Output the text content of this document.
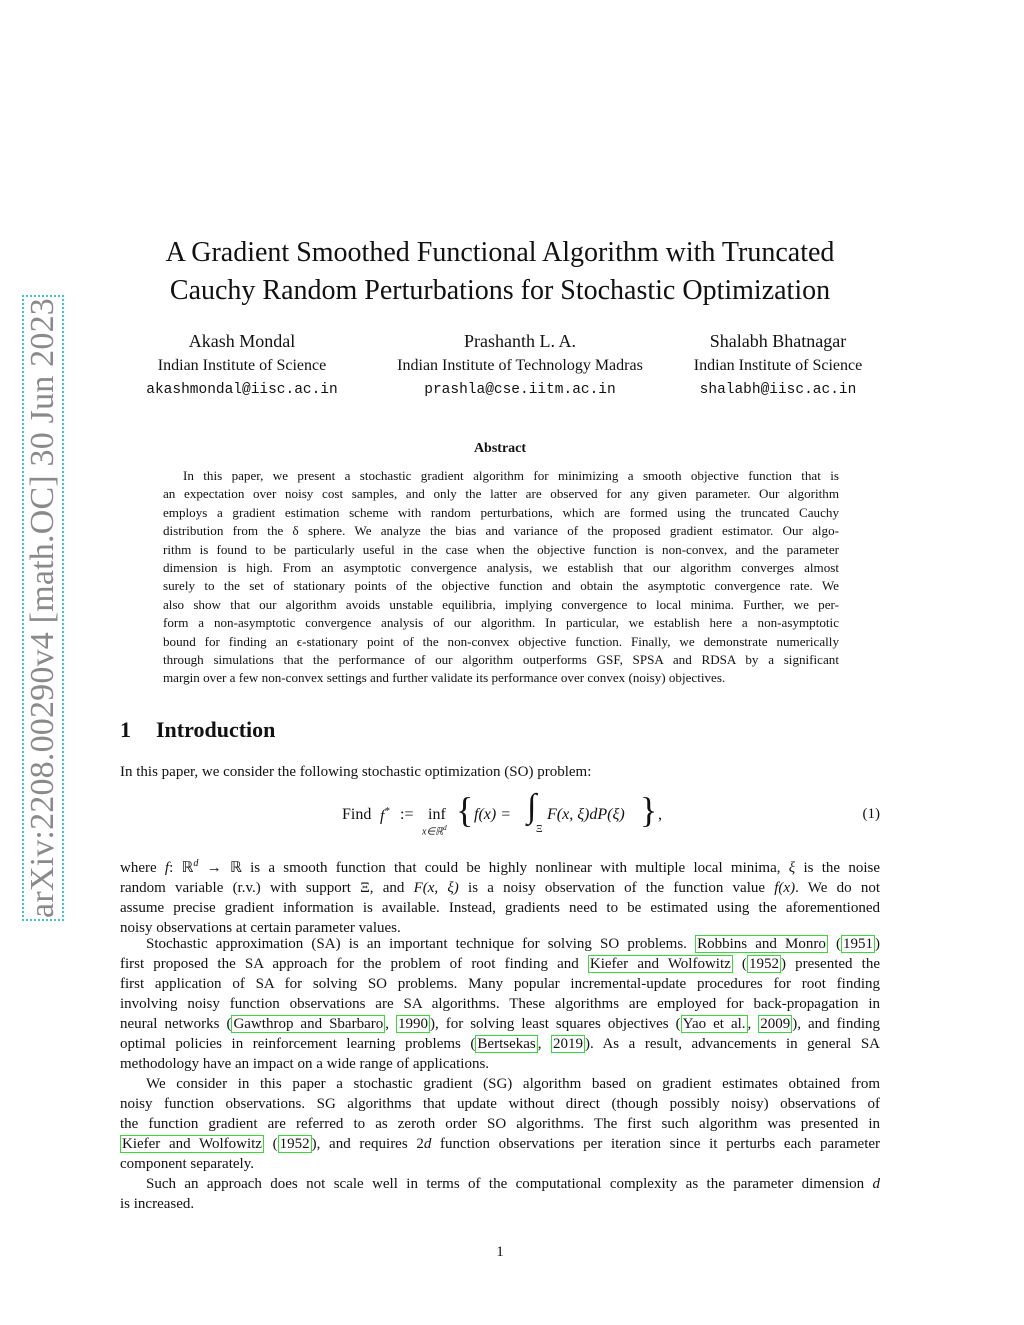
arXiv:2208.00290v4 [math.OC] 30 Jun 2023
A Gradient Smoothed Functional Algorithm with Truncated
Cauchy Random Perturbations for Stochastic Optimization
Akash Mondal
Indian Institute of Science
akashmondal@iisc.ac.in
Prashanth L. A.
Indian Institute of Technology Madras
prashla@cse.iitm.ac.in
Shalabh Bhatnagar
Indian Institute of Science
shalabh@iisc.ac.in
Abstract
In this paper, we present a stochastic gradient algorithm for minimizing a smooth objective function that is
an expectation over noisy cost samples, and only the latter are observed for any given parameter. Our algorithm
employs a gradient estimation scheme with random perturbations, which are formed using the truncated Cauchy
distribution from the δ sphere. We analyze the bias and variance of the proposed gradient estimator. Our algo-
rithm is found to be particularly useful in the case when the objective function is non-convex, and the parameter
dimension is high. From an asymptotic convergence analysis, we establish that our algorithm converges almost
surely to the set of stationary points of the objective function and obtain the asymptotic convergence rate. We
also show that our algorithm avoids unstable equilibria, implying convergence to local minima. Further, we per-
form a non-asymptotic convergence analysis of our algorithm. In particular, we establish here a non-asymptotic
bound for finding an ϵ-stationary point of the non-convex objective function. Finally, we demonstrate numerically
through simulations that the performance of our algorithm outperforms GSF, SPSA and RDSA by a significant
margin over a few non-convex settings and further validate its performance over convex (noisy) objectives.
1 Introduction
In this paper, we consider the following stochastic optimization (SO) problem:
Find f* := inf
x∈ℝ$^d$ { f(x) = ∫
Ξ
F(x, ξ)dP(ξ) } ,	(1)
where f: ℝ$^d$ → ℝ is a smooth function that could be highly nonlinear with multiple local minima, ξ is the noise
random variable (r.v.) with support Ξ, and F(x, ξ) is a noisy observation of the function value f(x). We do not
assume precise gradient information is available. Instead, gradients need to be estimated using the aforementioned
noisy observations at certain parameter values.
Stochastic approximation (SA) is an important technique for solving SO problems. Robbins and Monro ( 1951 )
first proposed the SA approach for the problem of root finding and Kiefer and Wolfowitz ( 1952 ) presented the
first application of SA for solving SO problems. Many popular incremental-update procedures for root finding
involving noisy function observations are SA algorithms. These algorithms are employed for back-propagation in
neural networks ( Gawthrop and Sbarbaro , 1990 ), for solving least squares objectives ( Yao et al. , 2009 ), and finding
optimal policies in reinforcement learning problems ( Bertsekas , 2019 ). As a result, advancements in general SA
methodology have an impact on a wide range of applications.
We consider in this paper a stochastic gradient (SG) algorithm based on gradient estimates obtained from
noisy function observations. SG algorithms that update without direct (though possibly noisy) observations of
the function gradient are referred to as zeroth order SO algorithms. The first such algorithm was presented in
Kiefer and Wolfowitz ( 1952 ), and requires 2d function observations per iteration since it perturbs each parameter
component separately.
Such an approach does not scale well in terms of the computational complexity as the parameter dimension d
is increased.
1
